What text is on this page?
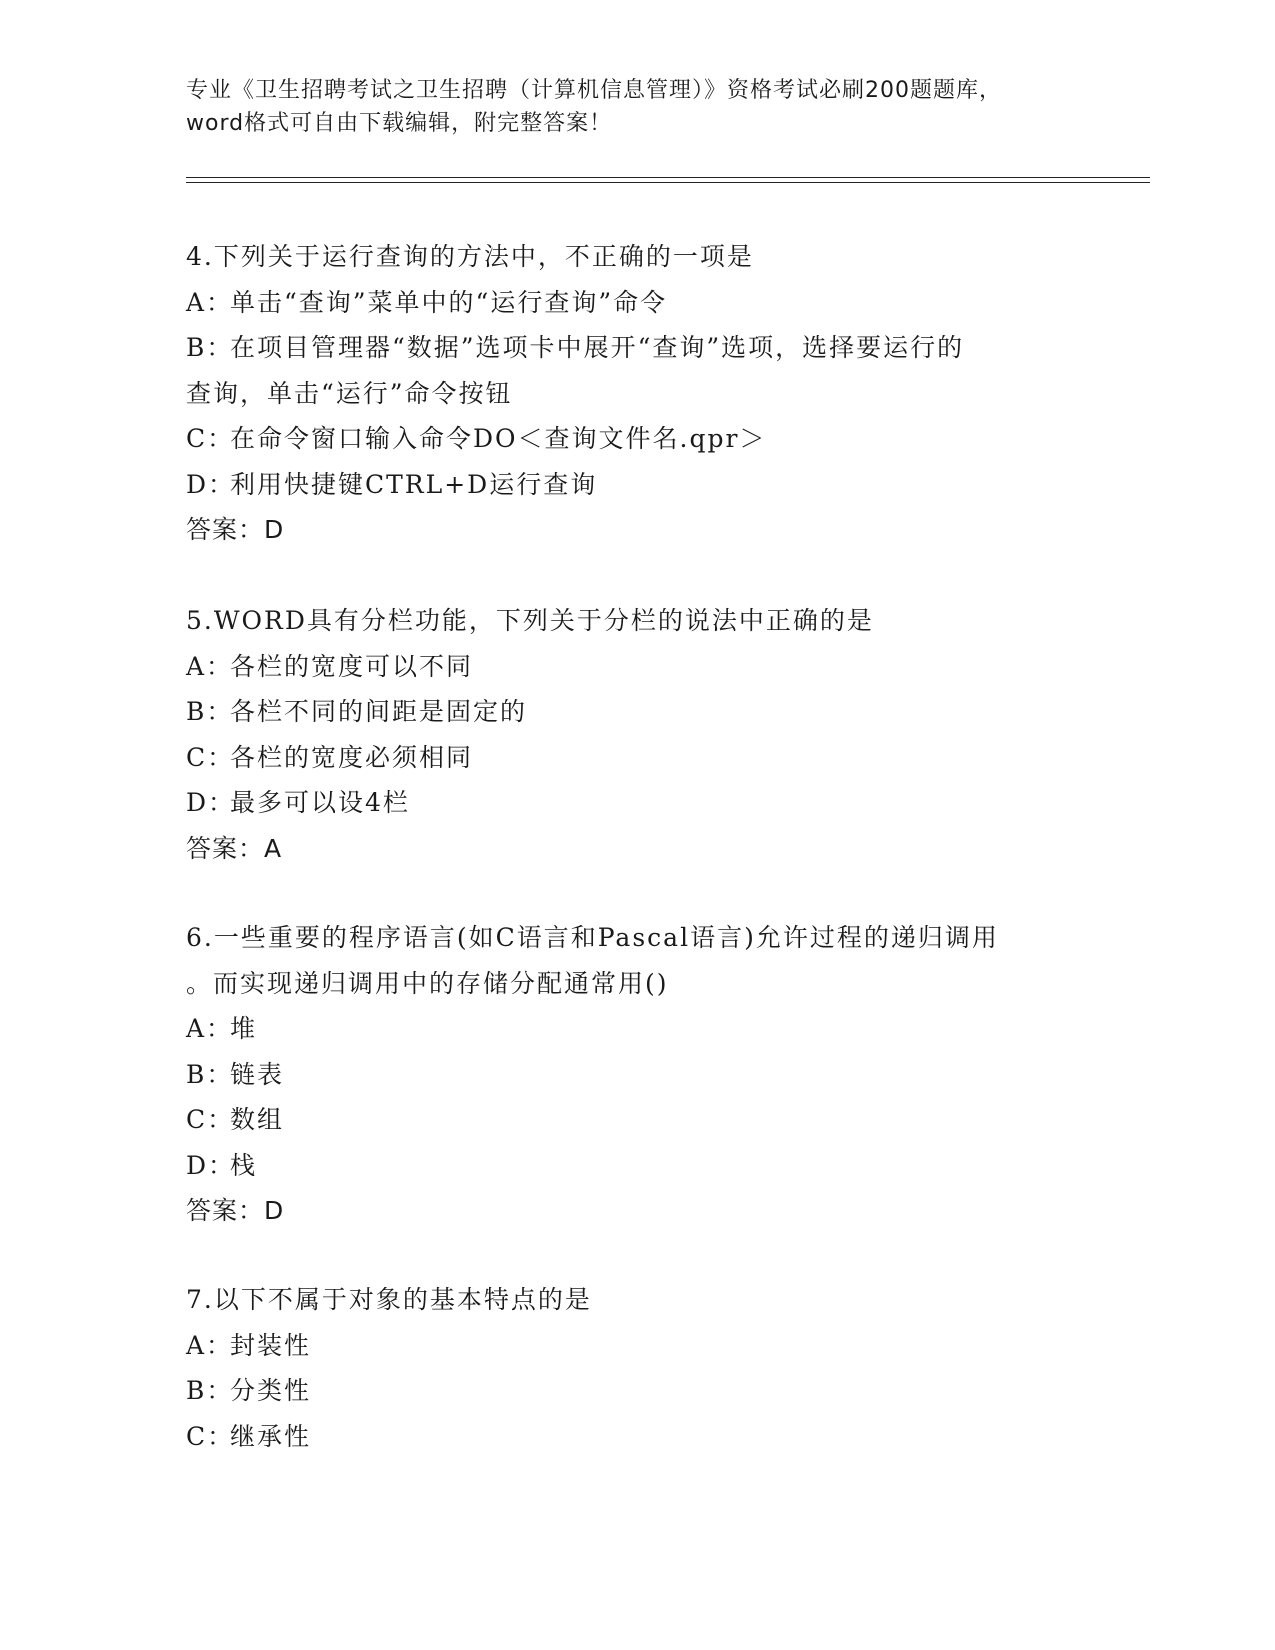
专业《卫生招聘考试之卫生招聘（计算机信息管理）》资格考试必刷200题题库，
word格式可自由下载编辑，附完整答案！
4.下列关于运行查询的方法中，不正确的一项是
A：单击“查询”菜单中的“运行查询”命令
B：在项目管理器“数据”选项卡中展开“查询”选项，选择要运行的
查询，单击“运行”命令按钮
C：在命令窗口输入命令DO＜查询文件名.qpr＞
D：利用快捷键CTRL+D运行查询
答案：D
5.WORD具有分栏功能，下列关于分栏的说法中正确的是
A：各栏的宽度可以不同
B：各栏不同的间距是固定的
C：各栏的宽度必须相同
D：最多可以设4栏
答案：A
6.一些重要的程序语言(如C语言和Pascal语言)允许过程的递归调用
。而实现递归调用中的存储分配通常用()
A：堆
B：链表
C：数组
D：栈
答案：D
7.以下不属于对象的基本特点的是
A：封装性
B：分类性
C：继承性
